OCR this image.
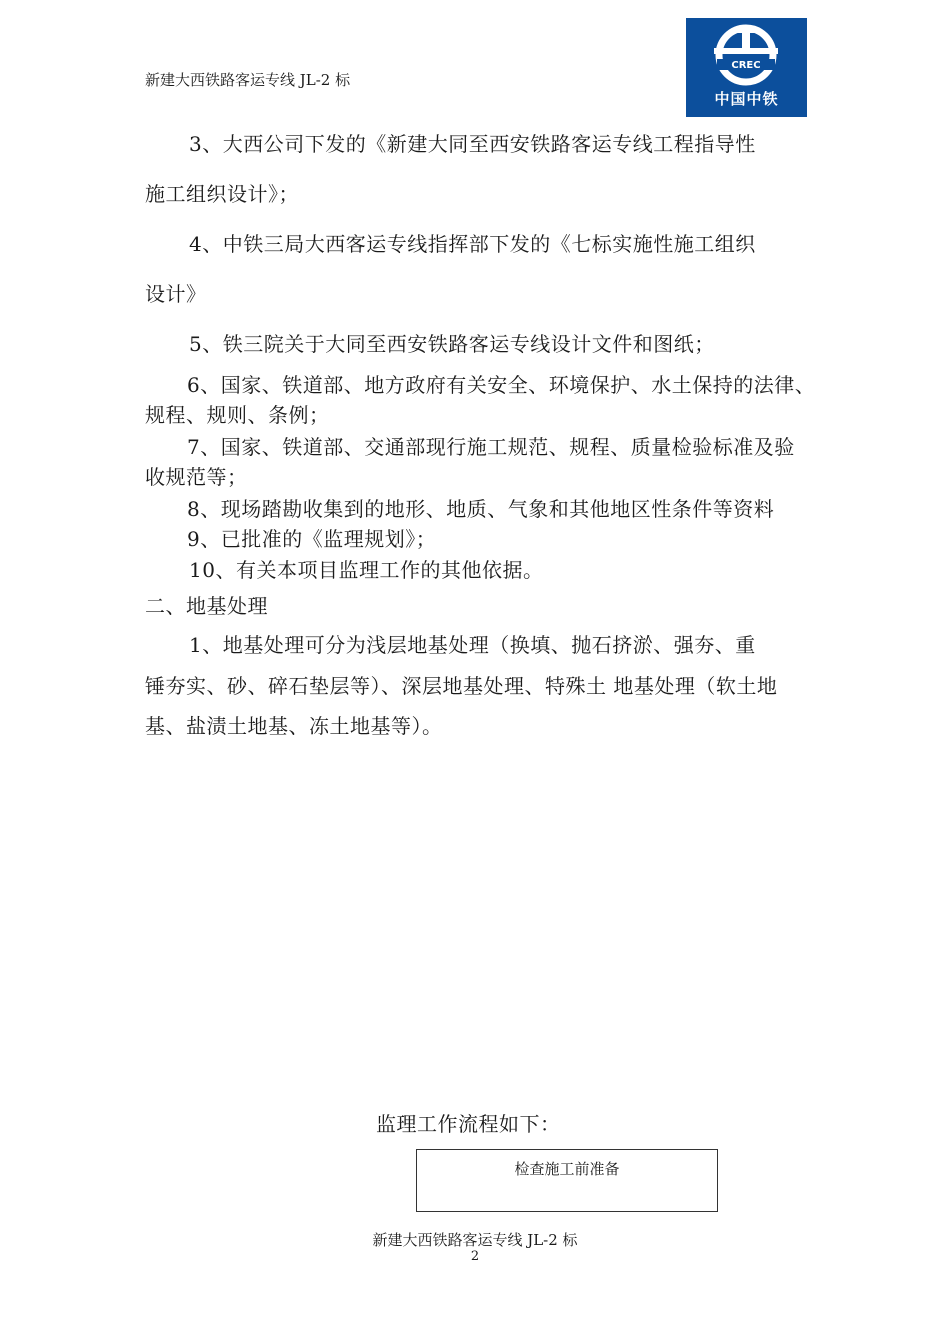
新建大西铁路客运专线 JL-2 标
CREC
中国中铁
3、大西公司下发的《新建大同至西安铁路客运专线工程指导性
施工组织设计》；
4、中铁三局大西客运专线指挥部下发的《七标实施性施工组织
设计》
5、铁三院关于大同至西安铁路客运专线设计文件和图纸；
6、国家、铁道部、地方政府有关安全、环境保护、水土保持的法律、
规程、规则、条例；
7、国家、铁道部、交通部现行施工规范、规程、质量检验标准及验
收规范等；
8、现场踏勘收集到的地形、地质、气象和其他地区性条件等资料
9、已批准的《监理规划》；
10、有关本项目监理工作的其他依据。
二、地基处理
1、地基处理可分为浅层地基处理（换填、抛石挤淤、强夯、重
锤夯实、砂、碎石垫层等）、深层地基处理、特殊土 地基处理（软土地
基、盐渍土地基、冻土地基等）。
监理工作流程如下：
检查施工前准备
新建大西铁路客运专线 JL-2 标
2
